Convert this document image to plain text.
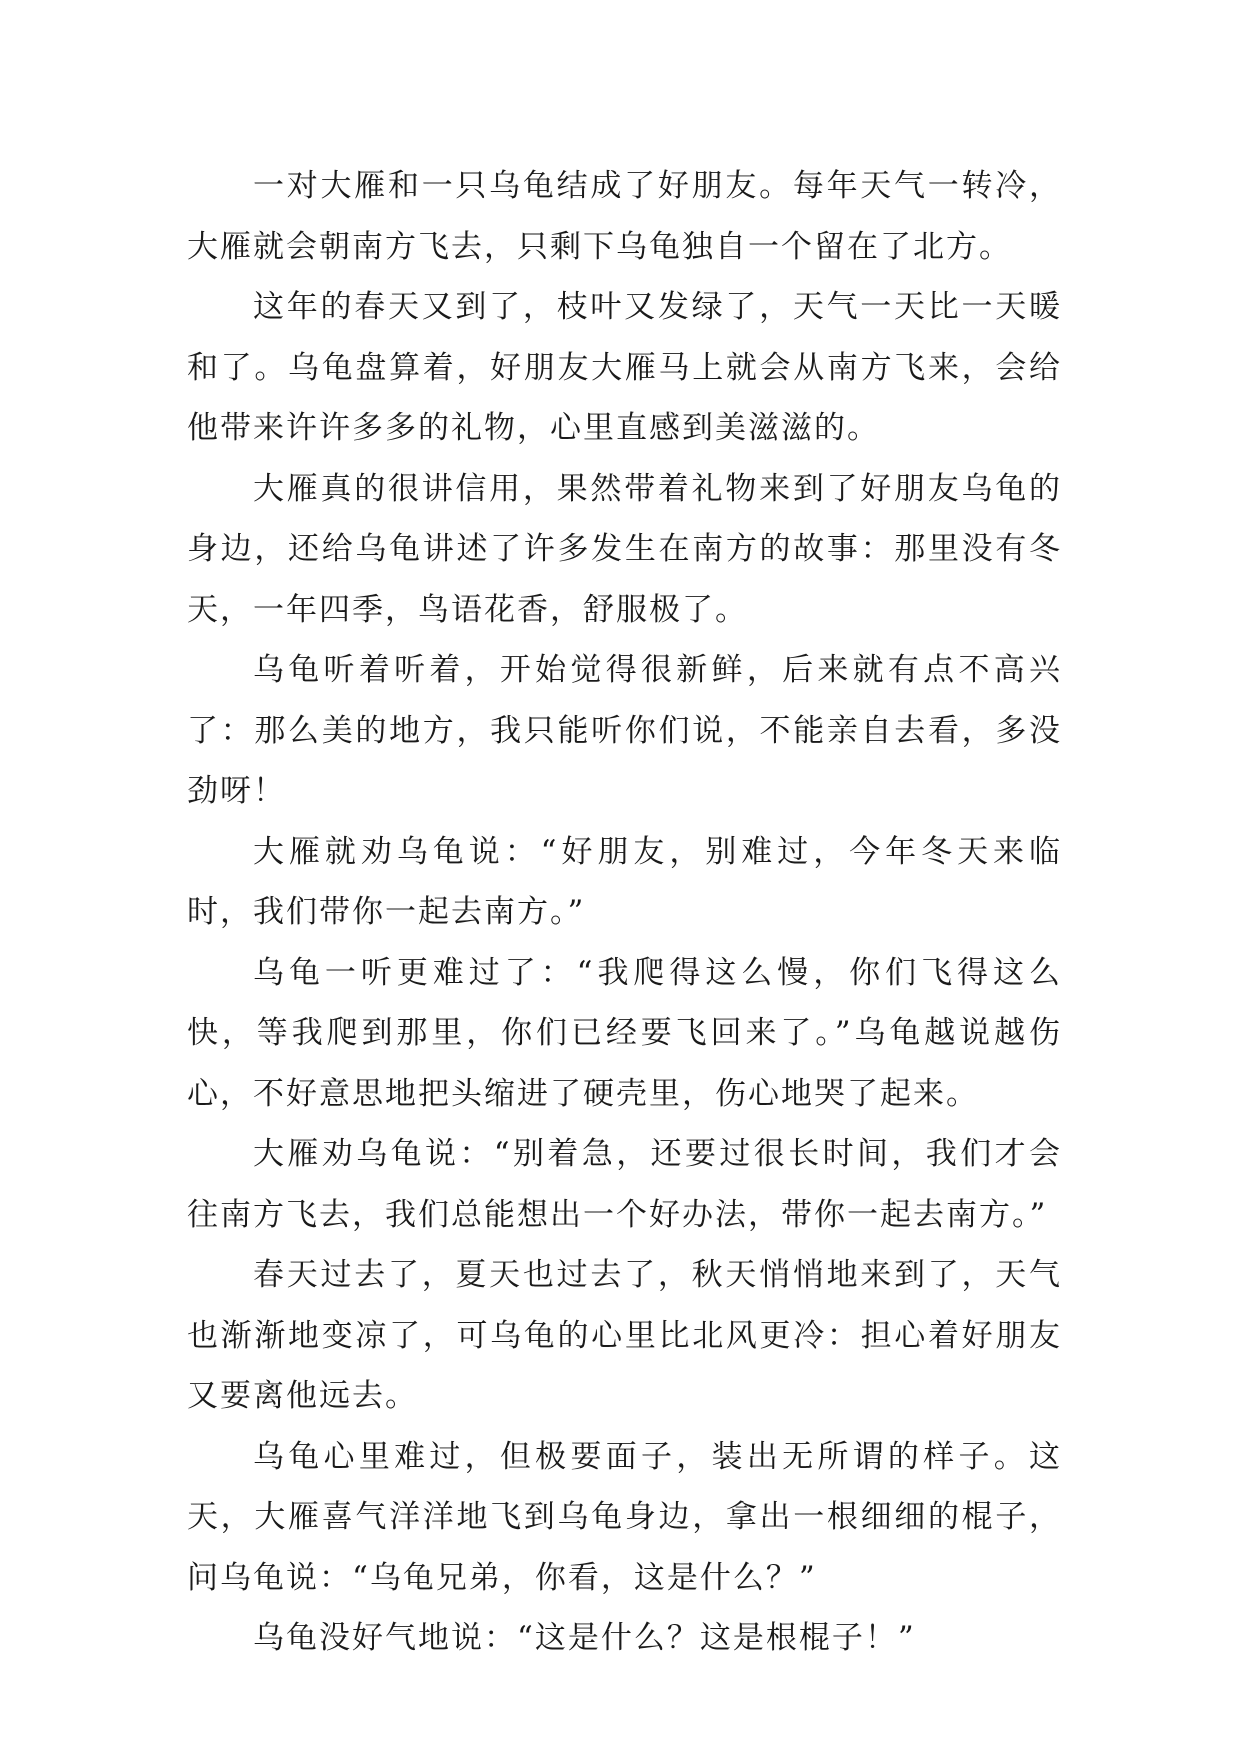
一对大雁和一只乌龟结成了好朋友。每年天气一转冷，大雁就会朝南方飞去，只剩下乌龟独自一个留在了北方。

这年的春天又到了，枝叶又发绿了，天气一天比一天暖和了。乌龟盘算着，好朋友大雁马上就会从南方飞来，会给他带来许许多多的礼物，心里直感到美滋滋的。

大雁真的很讲信用，果然带着礼物来到了好朋友乌龟的身边，还给乌龟讲述了许多发生在南方的故事：那里没有冬天，一年四季，鸟语花香，舒服极了。

乌龟听着听着，开始觉得很新鲜，后来就有点不高兴了：那么美的地方，我只能听你们说，不能亲自去看，多没劲呀！

大雁就劝乌龟说：“好朋友，别难过，今年冬天来临时，我们带你一起去南方。”

乌龟一听更难过了：“我爬得这么慢，你们飞得这么快，等我爬到那里，你们已经要飞回来了。”乌龟越说越伤心，不好意思地把头缩进了硬壳里，伤心地哭了起来。

大雁劝乌龟说：“别着急，还要过很长时间，我们才会往南方飞去，我们总能想出一个好办法，带你一起去南方。”

春天过去了，夏天也过去了，秋天悄悄地来到了，天气也渐渐地变凉了，可乌龟的心里比北风更冷：担心着好朋友又要离他远去。

乌龟心里难过，但极要面子，装出无所谓的样子。这天，大雁喜气洋洋地飞到乌龟身边，拿出一根细细的棍子，问乌龟说：“乌龟兄弟，你看，这是什么？”

乌龟没好气地说：“这是什么？这是根棍子！”
